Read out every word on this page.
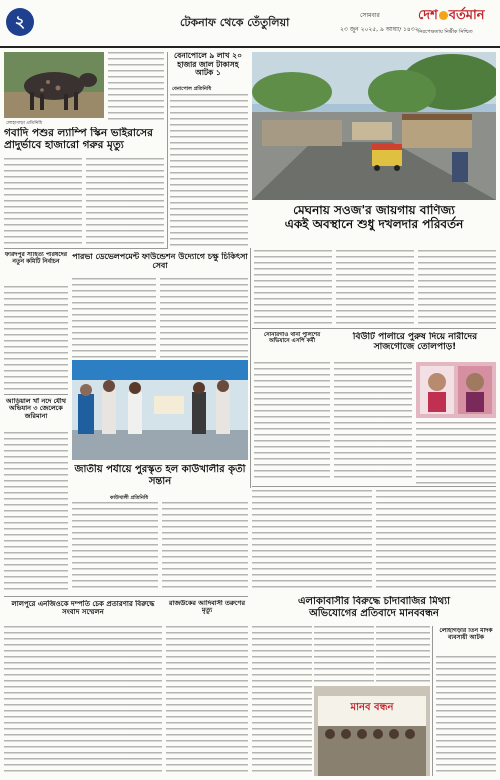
২	টেকনাফ থেকে তেঁতুলিয়া
সোমবার
২৩ জুন ২০২৫, ৯ আষাঢ় ১৪৩২
দেশ বর্তমান
নিরপেক্ষতায় নির্ভীক নিশ্চিত
লোহাগাড়া প্রতিনিধি
গবাদি পশুর ল্যাম্পি স্কিন ভাইরাসের প্রাদুর্ভাবে হাজারো গরুর মৃত্যু
বেনাপোলে ৯ লাখ ২০ হাজার জাল টাকাসহ আটক ১
বেনাপোল প্রতিনিধি
মেঘনায় সওজ'র জায়গায় বাণিজ্য
একই অবস্থানে শুধু দখলদার পরিবর্তন
ফরিদপুর সাহিত্য পরিষদের নতুন কমিটি নির্বাচন
পারভা ডেভেলপমেন্ট ফাউন্ডেশন উদ্যোগে চক্ষু চিকিৎসা সেবা
সোনারগাঁও থানা পুলিশের অভিযানে এসপি কর্মী	বিউটি পার্লারে পুরুষ দিয়ে নারীদের সাজগোজে তোলপাড়!
জাতীয় পর্যায়ে পুরস্কৃত হল কাউখালীর কৃতী সন্তান
কাউখালী প্রতিনিধি
আড়িয়াল খাঁ নদে যৌথ অভিযান ৩ জেলেকে জরিমানা
লালপুরে এনজিওকে দম্পতি চেক প্রতারণার বিরুদ্ধে সংবাদ সম্মেলন
রাজউকের আদিবাসী তরুণের মৃত্যু
এলাকাবাসীর বিরুদ্ধে চাঁদাবাজির মিথ্যা
অভিযোগের প্রতিবাদে মানববন্ধন
মানব বন্ধন
লোহাগড়ার তিন মাদক ব্যবসায়ী আটক
